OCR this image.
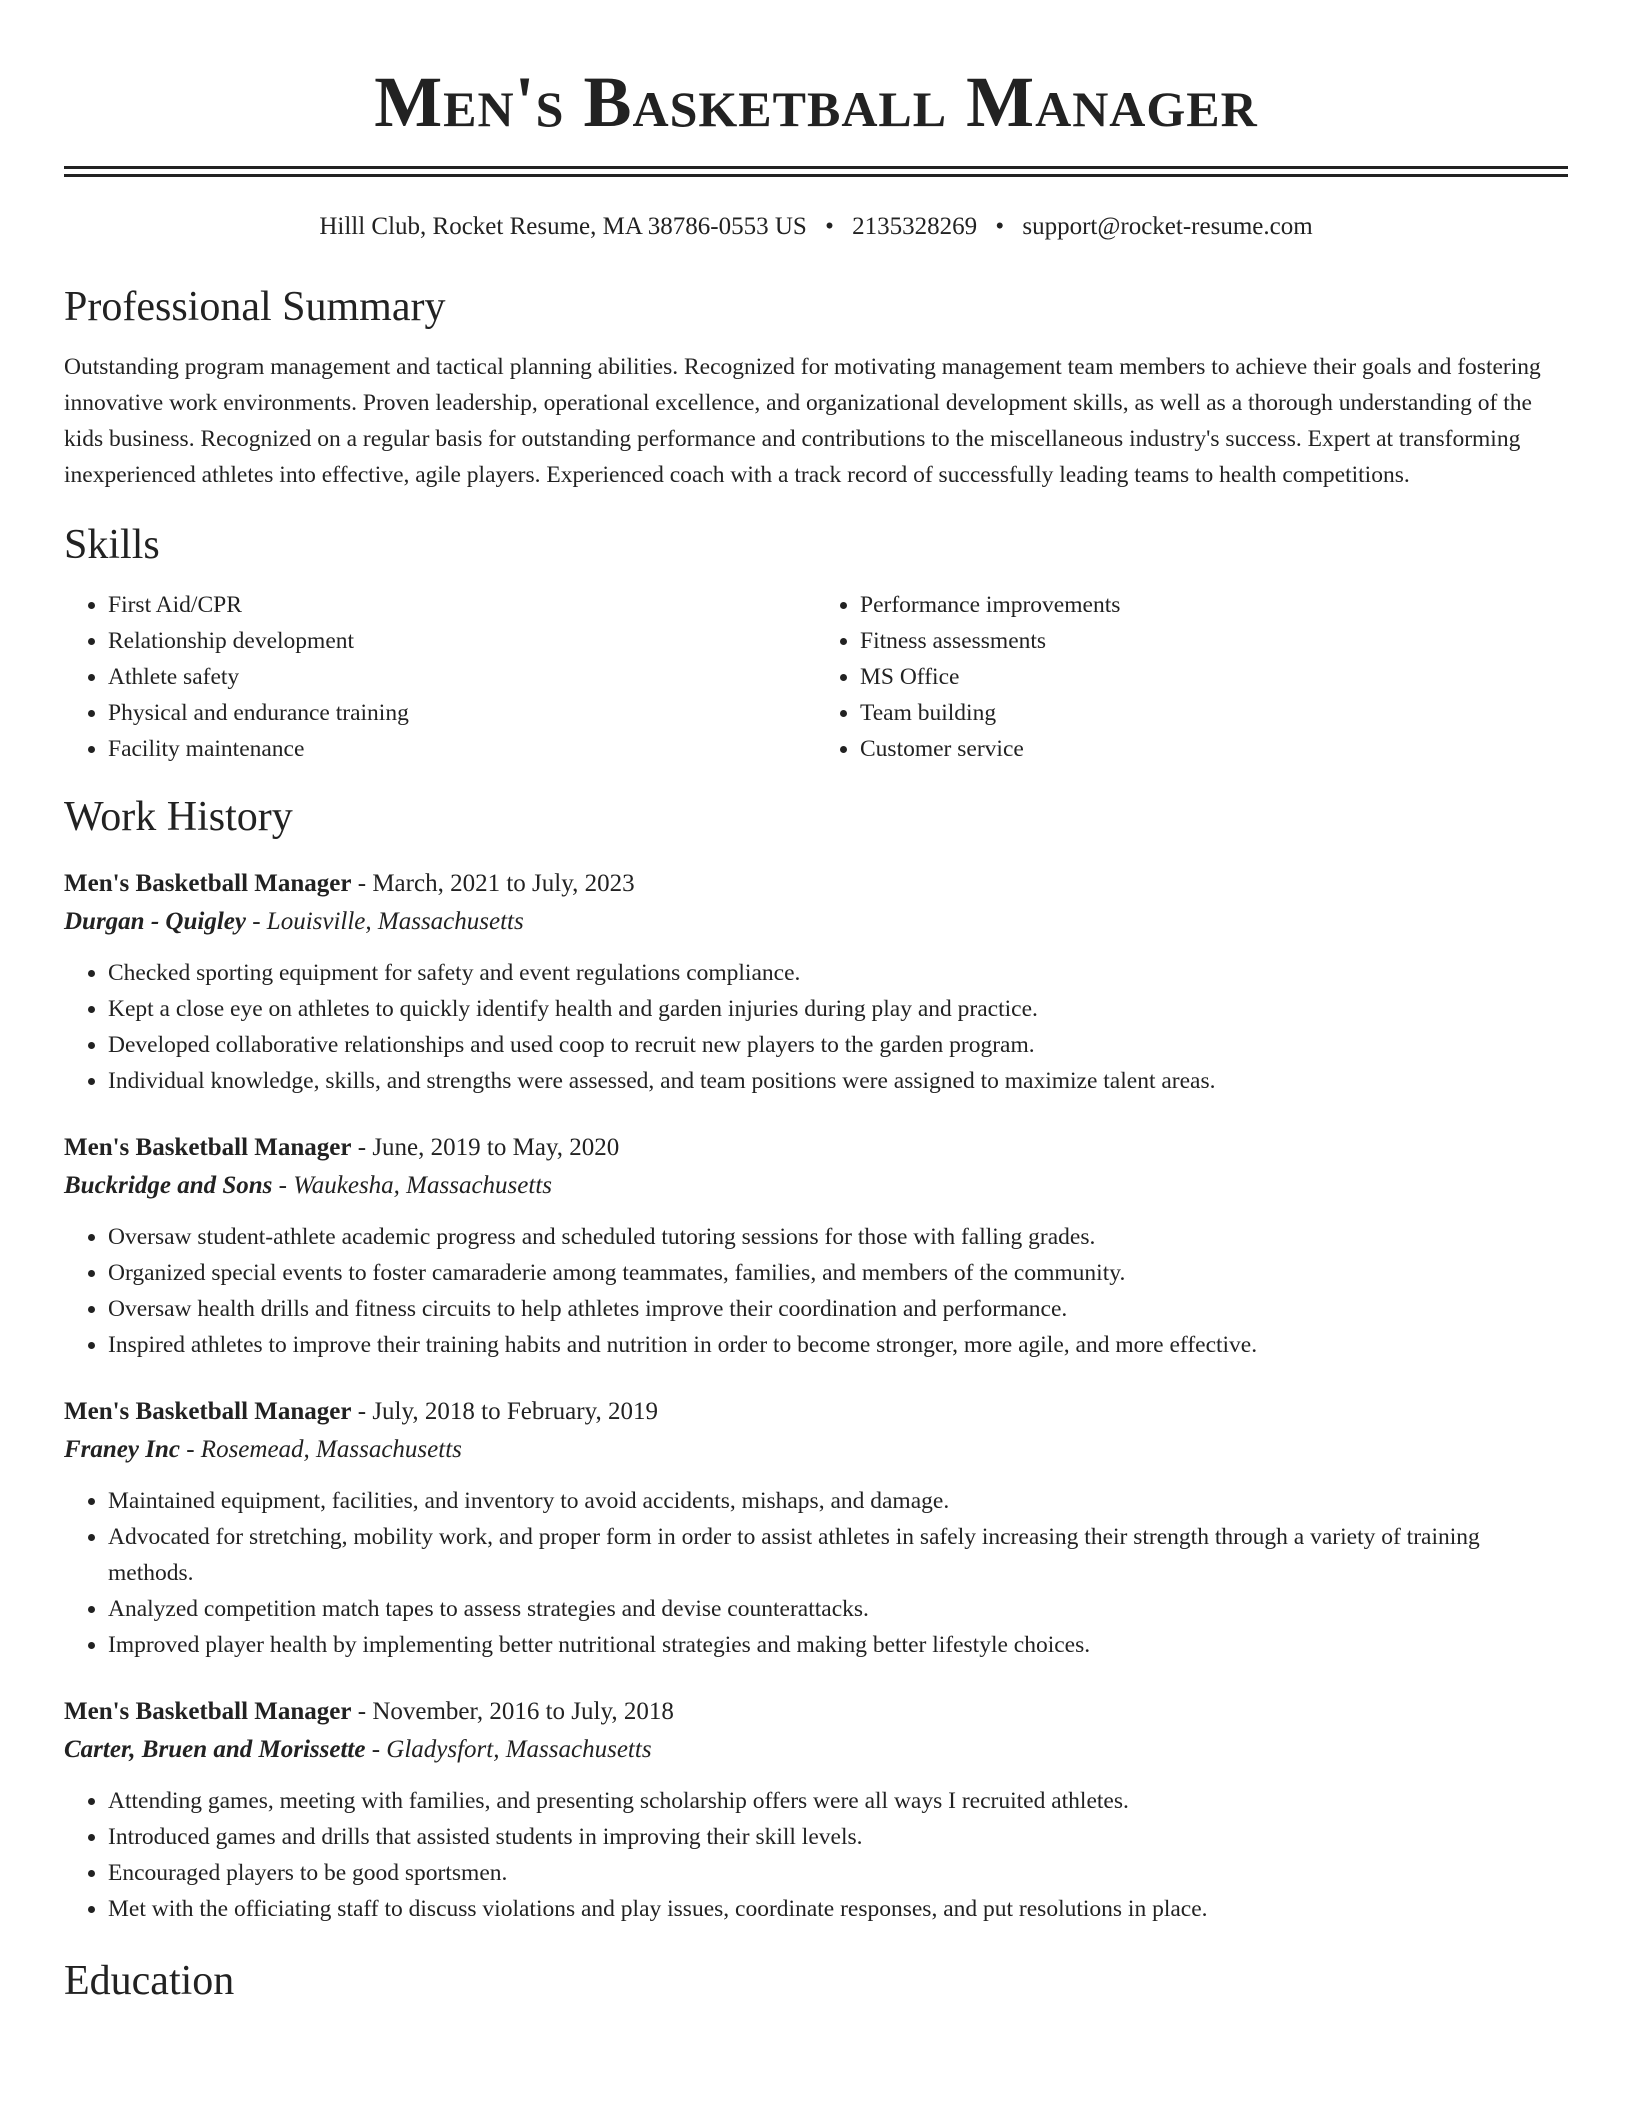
Men's Basketball Manager
Hilll Club, Rocket Resume, MA 38786-0553 US • 2135328269 • support@rocket-resume.com
Professional Summary

Outstanding program management and tactical planning abilities. Recognized for motivating management team members to achieve their goals and fostering innovative work environments. Proven leadership, operational excellence, and organizational development skills, as well as a thorough understanding of the kids business. Recognized on a regular basis for outstanding performance and contributions to the miscellaneous industry's success. Expert at transforming inexperienced athletes into effective, agile players. Experienced coach with a track record of successfully leading teams to health competitions.

Skills
• First Aid/CPR
• Relationship development
• Athlete safety
• Physical and endurance training
• Facility maintenance
• Performance improvements
• Fitness assessments
• MS Office
• Team building
• Customer service
Work History
Men's Basketball Manager - March, 2021 to July, 2023
Durgan - Quigley - Louisville, Massachusetts
• Checked sporting equipment for safety and event regulations compliance.
• Kept a close eye on athletes to quickly identify health and garden injuries during play and practice.
• Developed collaborative relationships and used coop to recruit new players to the garden program.
• Individual knowledge, skills, and strengths were assessed, and team positions were assigned to maximize talent areas.
Men's Basketball Manager - June, 2019 to May, 2020
Buckridge and Sons - Waukesha, Massachusetts
• Oversaw student-athlete academic progress and scheduled tutoring sessions for those with falling grades.
• Organized special events to foster camaraderie among teammates, families, and members of the community.
• Oversaw health drills and fitness circuits to help athletes improve their coordination and performance.
• Inspired athletes to improve their training habits and nutrition in order to become stronger, more agile, and more effective.
Men's Basketball Manager - July, 2018 to February, 2019
Franey Inc - Rosemead, Massachusetts
• Maintained equipment, facilities, and inventory to avoid accidents, mishaps, and damage.
• Advocated for stretching, mobility work, and proper form in order to assist athletes in safely increasing their strength through a variety of training methods.
• Analyzed competition match tapes to assess strategies and devise counterattacks.
• Improved player health by implementing better nutritional strategies and making better lifestyle choices.
Men's Basketball Manager - November, 2016 to July, 2018
Carter, Bruen and Morissette - Gladysfort, Massachusetts
• Attending games, meeting with families, and presenting scholarship offers were all ways I recruited athletes.
• Introduced games and drills that assisted students in improving their skill levels.
• Encouraged players to be good sportsmen.
• Met with the officiating staff to discuss violations and play issues, coordinate responses, and put resolutions in place.
Education
